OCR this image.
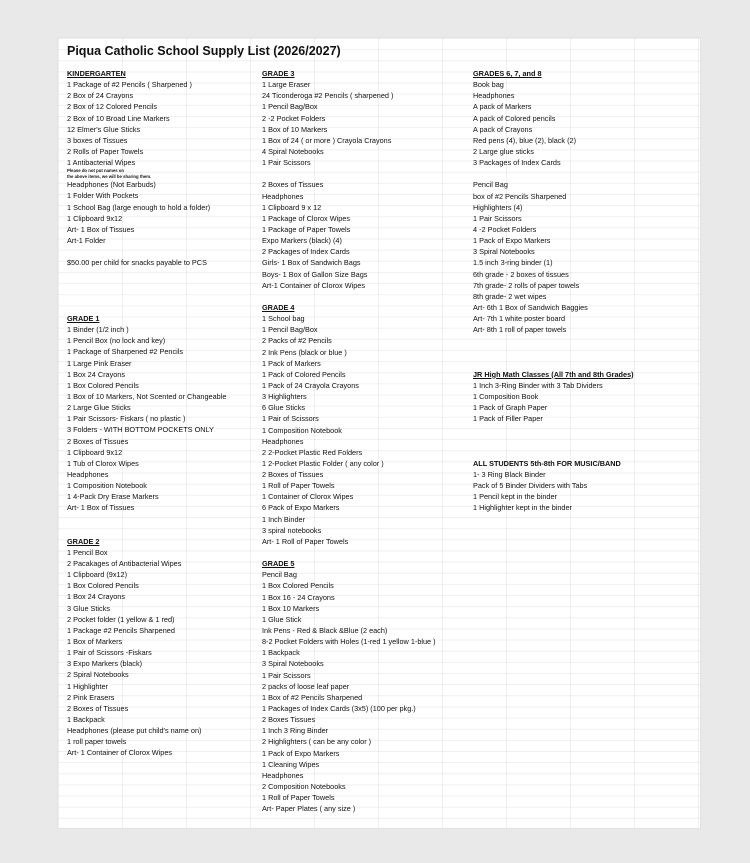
Piqua Catholic School Supply List (2026/2027)
KINDERGARTEN
1 Package of #2 Pencils ( Sharpened )
2 Box of 24 Crayons
2 Box of 12 Colored Pencils
2 Box of 10 Broad Line Markers
12 Elmer's Glue Sticks
3 boxes of Tissues
2 Rolls of Paper Towels
1 Antibacterial Wipes
Please do not put names on
the above items, we will be sharing them.
Headphones (Not Earbuds)
1 Folder With Pockets
1 School Bag (large enough to hold a folder)
1 Clipboard 9x12
Art- 1 Box of Tissues
Art-1 Folder
$50.00 per child for snacks payable to PCS
GRADE 1
1 Binder (1/2 inch )
1 Pencil Box (no lock and key)
1 Package of Sharpened #2 Pencils
1 Large Pink Eraser
1 Box 24 Crayons
1 Box Colored Pencils
1 Box of 10 Markers, Not Scented or Changeable
2 Large Glue Sticks
1 Pair Scissors- Fiskars ( no plastic )
3 Folders - WITH BOTTOM POCKETS ONLY
2 Boxes of Tissues
1 Clipboard 9x12
1 Tub of Clorox Wipes
Headphones
1 Composition Notebook
1 4-Pack Dry Erase Markers
Art- 1 Box of Tissues
GRADE 2
1 Pencil Box
2 Pacakages of Antibacterial Wipes
1 Clipboard (9x12)
1 Box Colored Pencils
1 Box 24 Crayons
3 Glue Sticks
2 Pocket folder (1 yellow & 1 red)
1 Package #2 Pencils Sharpened
1 Box of Markers
1 Pair of Scissors -Fiskars
3 Expo Markers (black)
2 Spiral Notebooks
1 Highlighter
2 Pink Erasers
2 Boxes of Tissues
1 Backpack
Headphones (please put child's name on)
1 roll paper towels
Art- 1 Container of Clorox Wipes
GRADE 3
1 Large Eraser
24 Ticonderoga #2 Pencils ( sharpened )
1 Pencil Bag/Box
2 -2 Pocket Folders
1 Box of 10 Markers
1 Box of 24 ( or more ) Crayola Crayons
4 Spiral Notebooks
1 Pair Scissors
2 Boxes of Tissues
Headphones
1 Clipboard 9 x 12
1 Package of Clorox Wipes
1 Package of Paper Towels
Expo Markers (black) (4)
2 Packages of Index Cards
Girls- 1 Box of Sandwich Bags
Boys- 1 Box of Gallon Size Bags
Art-1 Container of Clorox Wipes
GRADE 4
1 School bag
1 Pencil Bag/Box
2 Packs of #2 Pencils
2 Ink Pens (black or blue )
1 Pack of Markers
1 Pack of Colored Pencils
1 Pack of 24 Crayola Crayons
3 Highlighters
6 Glue Sticks
1 Pair of Scissors
1 Composition Notebook
Headphones
2 2-Pocket Plastic Red Folders
1 2-Pocket Plastic Folder ( any color )
2 Boxes of Tissues
1 Roll of Paper Towels
1 Container of Clorox Wipes
6 Pack of Expo Markers
1 Inch Binder
3 spiral notebooks
Art- 1 Roll of Paper Towels
GRADE 5
Pencil Bag
1 Box Colored Pencils
1 Box 16 - 24 Crayons
1 Box 10 Markers
1 Glue Stick
Ink Pens - Red & Black &Blue (2 each)
8-2 Pocket Folders with Holes (1-red 1 yellow 1-blue )
1 Backpack
3 Spiral Notebooks
1 Pair Scissors
2 packs of loose leaf paper
1 Box of #2 Pencils Sharpened
1 Packages of Index Cards (3x5) (100 per pkg.)
2 Boxes Tissues
1 Inch 3 Ring Binder
2 Highlighters ( can be any color )
1 Pack of Expo Markers
1 Cleaning Wipes
Headphones
2 Composition Notebooks
1 Roll of Paper Towels
Art- Paper Plates ( any size )
GRADES 6, 7, and 8
Book bag
Headphones
A pack of Markers
A pack of Colored pencils
A pack of Crayons
Red pens (4), blue (2), black (2)
2 Large glue sticks
3 Packages of Index Cards
Pencil Bag
box of #2 Pencils Sharpened
Highlighters (4)
1 Pair Scissors
4 -2 Pocket Folders
1 Pack of Expo Markers
3 Spiral Notebooks
1.5 inch 3-ring binder (1)
6th grade - 2 boxes of tissues
7th grade- 2 rolls of paper towels
8th grade- 2 wet wipes
Art- 6th 1 Box of Sandwich Baggies
Art- 7th 1 white poster board
Art- 8th 1 roll of paper towels
JR High Math Classes (All 7th and 8th Grades)
1 Inch 3-Ring Binder with 3 Tab Dividers
1 Composition Book
1 Pack of Graph Paper
1 Pack of Filler Paper
ALL STUDENTS 5th-8th FOR MUSIC/BAND
1- 3 Ring Black Binder
Pack of 5 Binder Dividers with Tabs
1 Pencil kept in the binder
1 Highlighter kept in the binder
